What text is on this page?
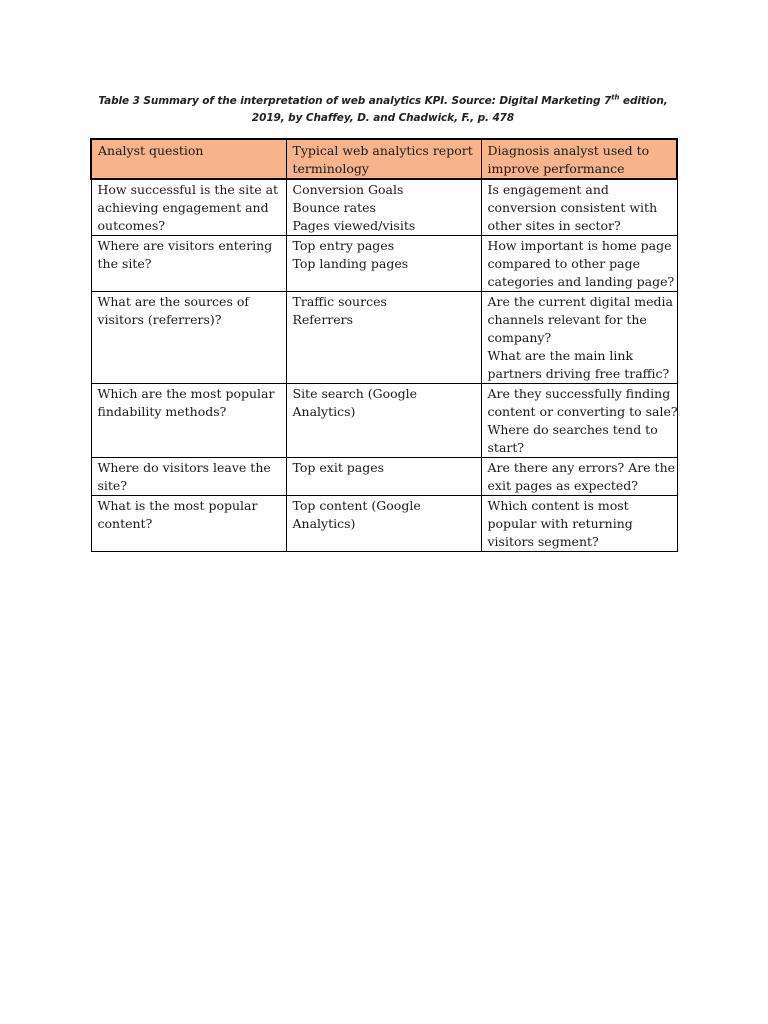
Table 3 Summary of the interpretation of web analytics KPI. Source: Digital Marketing 7th edition, 2019, by Chaffey, D. and Chadwick, F., p. 478
Analyst question	Typical web analytics report
terminology	Diagnosis analyst used to
improve performance

How successful is the site at
achieving engagement and
outcomes?	Conversion Goals
Bounce rates
Pages viewed/visits	Is engagement and
conversion consistent with
other sites in sector?

Where are visitors entering
the site?	Top entry pages
Top landing pages	How important is home page
compared to other page
categories and landing page?

What are the sources of
visitors (referrers)?	Traffic sources
Referrers	Are the current digital media
channels relevant for the
company?
What are the main link
partners driving free traffic?

Which are the most popular
findability methods?	Site search (Google
Analytics)	Are they successfully finding
content or converting to sale?
Where do searches tend to
start?

Where do visitors leave the
site?	Top exit pages	Are there any errors? Are the
exit pages as expected?

What is the most popular
content?	Top content (Google
Analytics)	Which content is most
popular with returning
visitors segment?
